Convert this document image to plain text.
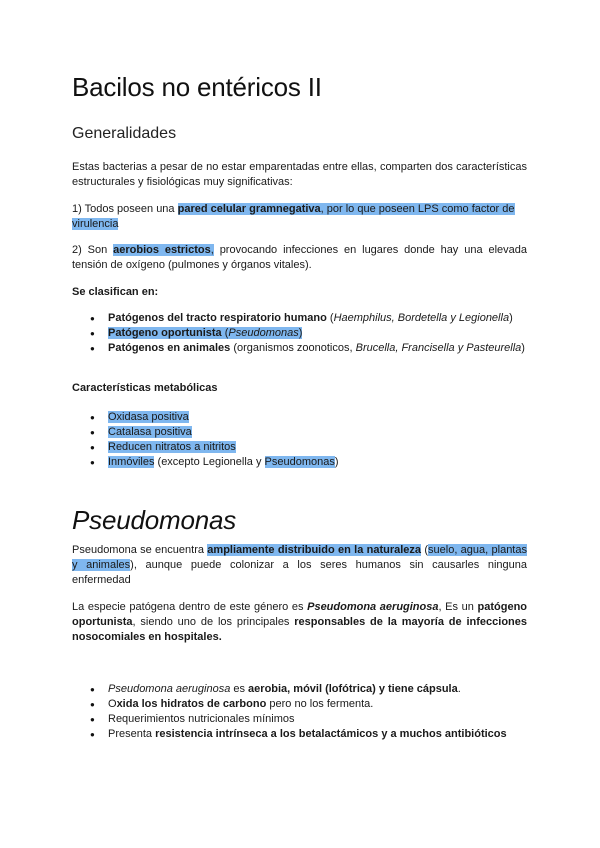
Bacilos no entéricos II
Generalidades

Estas bacterias a pesar de no estar emparentadas entre ellas, comparten dos características estructurales y fisiológicas muy significativas:

1) Todos poseen una pared celular gramnegativa, por lo que poseen LPS como factor de virulencia

2) Son aerobios estrictos, provocando infecciones en lugares donde hay una elevada tensión de oxígeno (pulmones y órganos vitales).

Se clasifican en:

● Patógenos del tracto respiratorio humano (Haemphilus, Bordetella y Legionella)
● Patógeno oportunista (Pseudomonas)
● Patógenos en animales (organismos zoonoticos, Brucella, Francisella y Pasteurella)

Características metabólicas

● Oxidasa positiva
● Catalasa positiva
● Reducen nitratos a nitritos
● Inmóviles (excepto Legionella y Pseudomonas)
Pseudomonas

Pseudomona se encuentra ampliamente distribuido en la naturaleza (suelo, agua, plantas y animales), aunque puede colonizar a los seres humanos sin causarles ninguna enfermedad

La especie patógena dentro de este género es Pseudomona aeruginosa, Es un patógeno oportunista, siendo uno de los principales responsables de la mayoría de infecciones nosocomiales en hospitales.

● Pseudomona aeruginosa es aerobia, móvil (lofótrica) y tiene cápsula.
● Oxida los hidratos de carbono pero no los fermenta.
● Requerimientos nutricionales mínimos
● Presenta resistencia intrínseca a los betalactámicos y a muchos antibióticos
